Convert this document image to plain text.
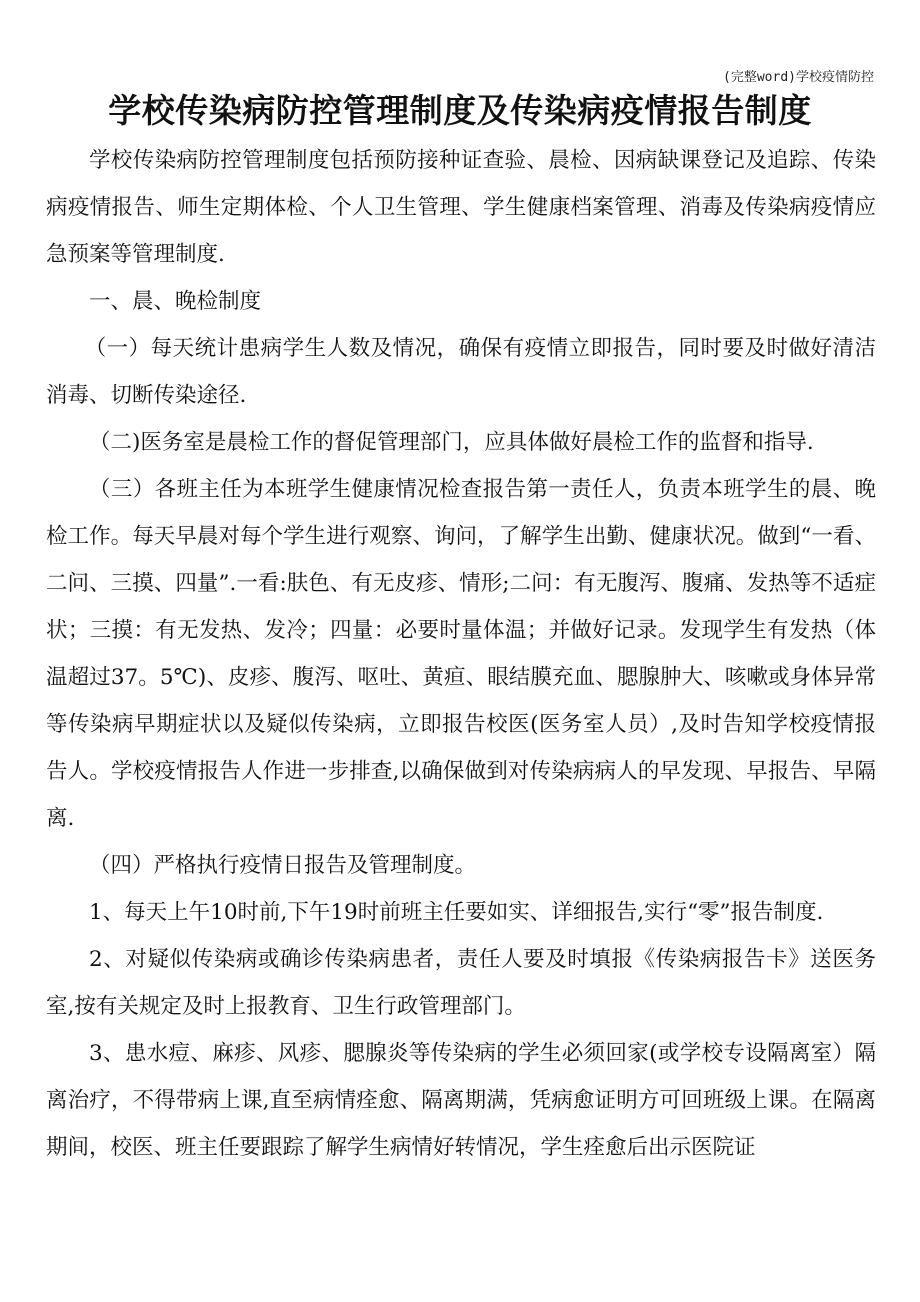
(完整word)学校疫情防控
学校传染病防控管理制度及传染病疫情报告制度

学校传染病防控管理制度包括预防接种证查验、晨检、因病缺课登记及追踪、传染病疫情报告、师生定期体检、个人卫生管理、学生健康档案管理、消毒及传染病疫情应急预案等管理制度.

一、晨、晚检制度

（一）每天统计患病学生人数及情况，确保有疫情立即报告，同时要及时做好清洁消毒、切断传染途径.

（二)医务室是晨检工作的督促管理部门，应具体做好晨检工作的监督和指导.

（三）各班主任为本班学生健康情况检查报告第一责任人，负责本班学生的晨、晚检工作。每天早晨对每个学生进行观察、询问，了解学生出勤、健康状况。做到“一看、二问、三摸、四量”.一看:肤色、有无皮疹、情形;二问：有无腹泻、腹痛、发热等不适症状；三摸：有无发热、发冷；四量：必要时量体温；并做好记录。发现学生有发热（体温超过37。5℃)、皮疹、腹泻、呕吐、黄疸、眼结膜充血、腮腺肿大、咳嗽或身体异常等传染病早期症状以及疑似传染病，立即报告校医(医务室人员）,及时告知学校疫情报告人。学校疫情报告人作进一步排查,以确保做到对传染病病人的早发现、早报告、早隔离.

（四）严格执行疫情日报告及管理制度。

1、每天上午10时前,下午19时前班主任要如实、详细报告,实行“零”报告制度.

2、对疑似传染病或确诊传染病患者，责任人要及时填报《传染病报告卡》送医务室,按有关规定及时上报教育、卫生行政管理部门。

3、患水痘、麻疹、风疹、腮腺炎等传染病的学生必须回家(或学校专设隔离室）隔离治疗，不得带病上课,直至病情痊愈、隔离期满，凭病愈证明方可回班级上课。在隔离期间，校医、班主任要跟踪了解学生病情好转情况，学生痊愈后出示医院证
